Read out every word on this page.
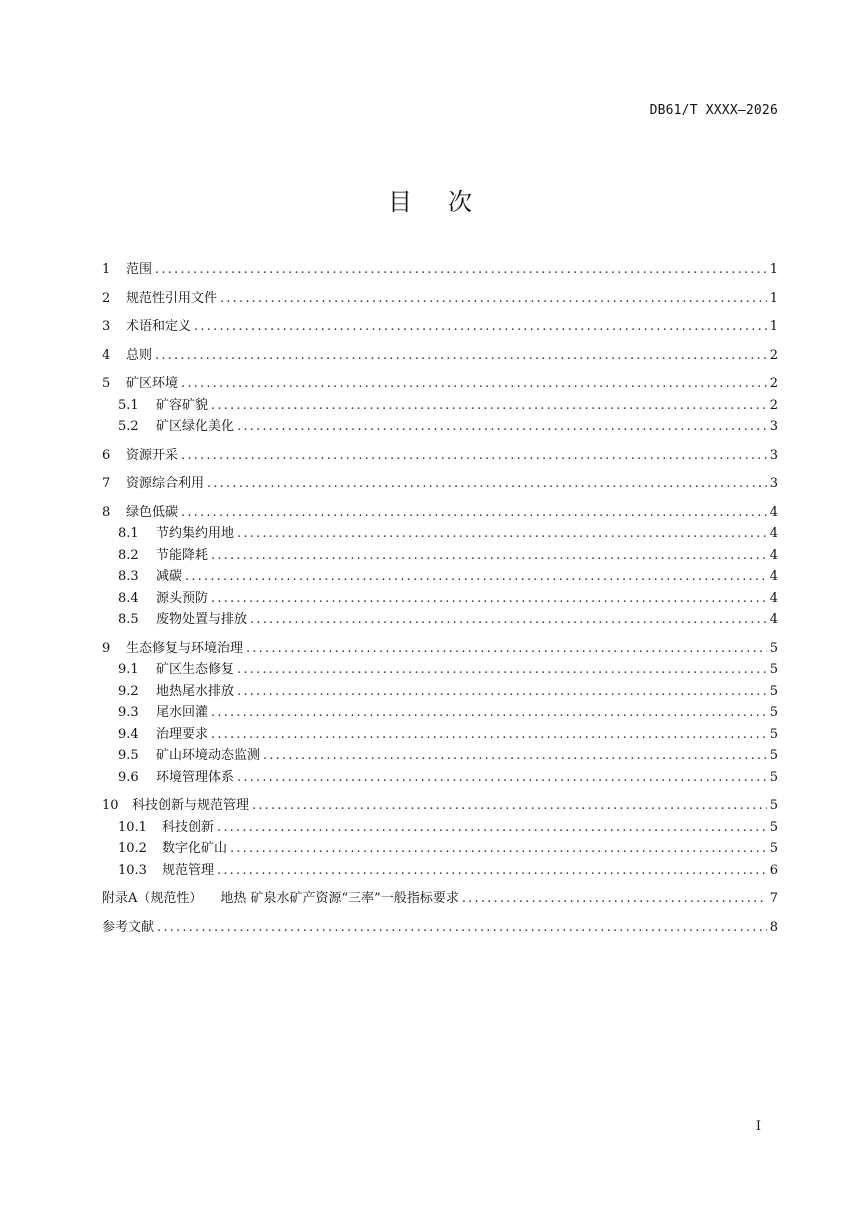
DB61/T XXXX—2026
目次
1	范围 .....	1
2	规范性引用文件 .....	1
3	术语和定义 .....	1
4	总则 .....	2
5	矿区环境 .....	2
5.1	矿容矿貌 .....	2
5.2	矿区绿化美化 .....	3
6	资源开采 .....	3
7	资源综合利用 .....	3
8	绿色低碳 .....	4
8.1	节约集约用地 .....	4
8.2	节能降耗 .....	4
8.3	减碳 .....	4
8.4	源头预防 .....	4
8.5	废物处置与排放 .....	4
9	生态修复与环境治理 .....	5
9.1	矿区生态修复 .....	5
9.2	地热尾水排放 .....	5
9.3	尾水回灌 .....	5
9.4	治理要求 .....	5
9.5	矿山环境动态监测 .....	5
9.6	环境管理体系 .....	5
10	科技创新与规范管理 .....	5
10.1	科技创新 .....	5
10.2	数字化矿山 .....	5
10.3	规范管理 .....	6
附录A（规范性） 地热 矿泉水矿产资源“三率”一般指标要求 .....	7
参考文献 .....	8
I
